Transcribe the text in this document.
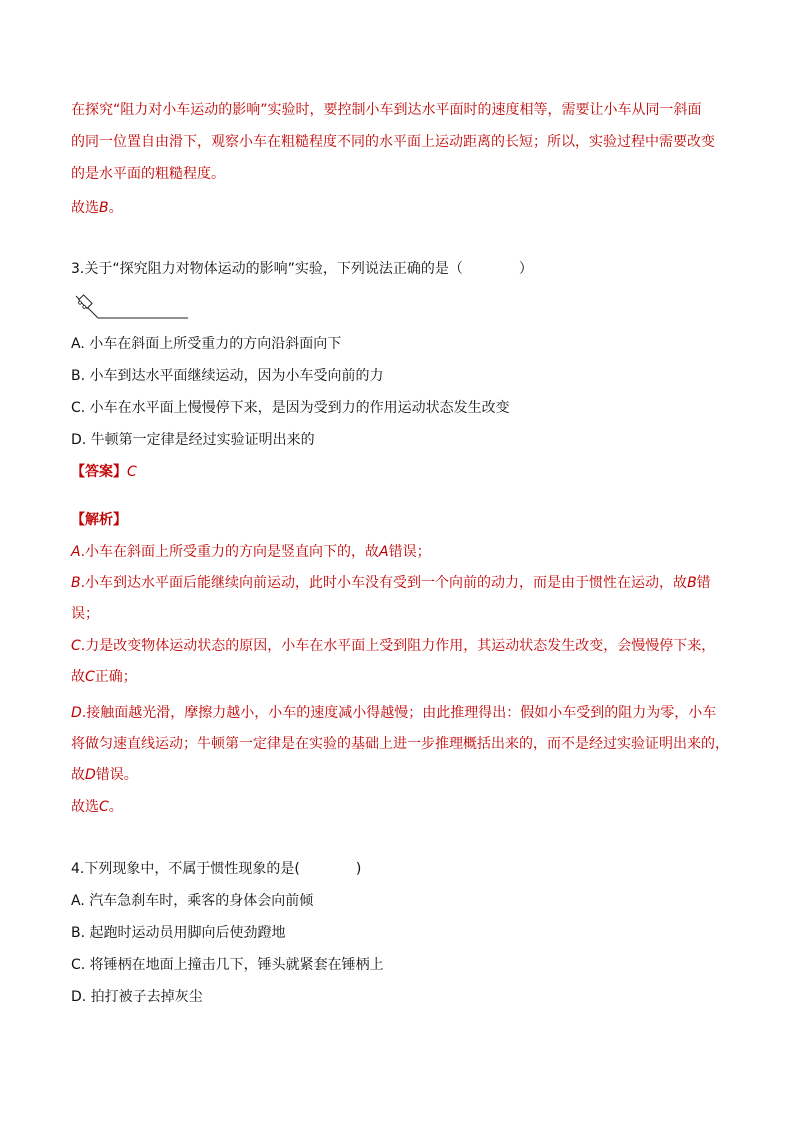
在探究“阻力对小车运动的影响”实验时，要控制小车到达水平面时的速度相等，需要让小车从同一斜面
的同一位置自由滑下，观察小车在粗糙程度不同的水平面上运动距离的长短；所以，实验过程中需要改变
的是水平面的粗糙程度。
故选B。
3.关于“探究阻力对物体运动的影响”实验，下列说法正确的是（　　　　）
A. 小车在斜面上所受重力的方向沿斜面向下
B. 小车到达水平面继续运动，因为小车受向前的力
C. 小车在水平面上慢慢停下来，是因为受到力的作用运动状态发生改变
D. 牛顿第一定律是经过实验证明出来的
【答案】C
【解析】
A.小车在斜面上所受重力的方向是竖直向下的，故A错误；
B.小车到达水平面后能继续向前运动，此时小车没有受到一个向前的动力，而是由于惯性在运动，故B错
误；
C.力是改变物体运动状态的原因，小车在水平面上受到阻力作用，其运动状态发生改变，会慢慢停下来，
故C正确；
D.接触面越光滑，摩擦力越小，小车的速度减小得越慢；由此推理得出：假如小车受到的阻力为零，小车
将做匀速直线运动；牛顿第一定律是在实验的基础上进一步推理概括出来的，而不是经过实验证明出来的，
故D错误。
故选C。
4.下列现象中，不属于惯性现象的是(　　　　)
A. 汽车急刹车时，乘客的身体会向前倾
B. 起跑时运动员用脚向后使劲蹬地
C. 将锤柄在地面上撞击几下，锤头就紧套在锤柄上
D. 拍打被子去掉灰尘
